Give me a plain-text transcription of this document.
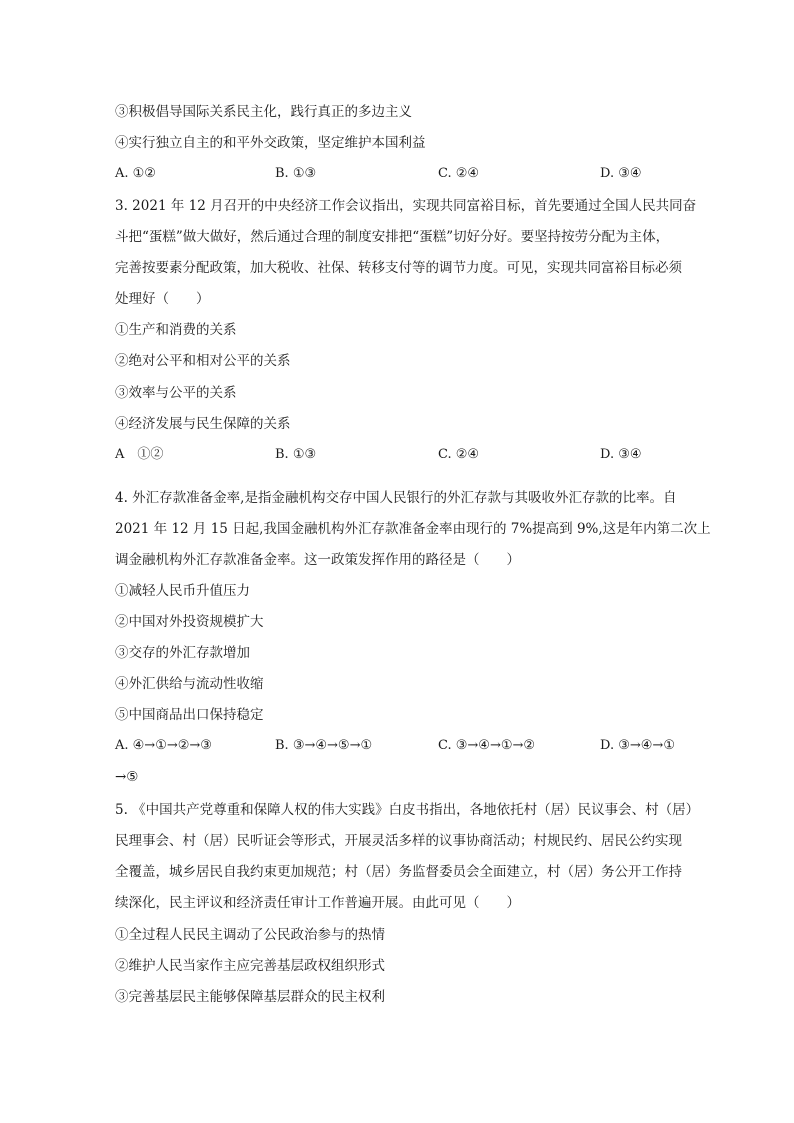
③积极倡导国际关系民主化，践行真正的多边主义
④实行独立自主的和平外交政策，坚定维护本国利益
A. ①②	B. ①③	C. ②④	D. ③④
3. 2021 年 12 月召开的中央经济工作会议指出，实现共同富裕目标，首先要通过全国人民共同奋
斗把“蛋糕”做大做好，然后通过合理的制度安排把“蛋糕”切好分好。要坚持按劳分配为主体，
完善按要素分配政策，加大税收、社保、转移支付等的调节力度。可见，实现共同富裕目标必须
处理好（　　）
①生产和消费的关系
②绝对公平和相对公平的关系
③效率与公平的关系
④经济发展与民生保障的关系
A　①②	B. ①③	C. ②④	D. ③④
4. 外汇存款准备金率,是指金融机构交存中国人民银行的外汇存款与其吸收外汇存款的比率。自
2021 年 12 月 15 日起,我国金融机构外汇存款准备金率由现行的 7%提高到 9%,这是年内第二次上
调金融机构外汇存款准备金率。这一政策发挥作用的路径是（　　）
①减轻人民币升值压力
②中国对外投资规模扩大
③交存的外汇存款增加
④外汇供给与流动性收缩
⑤中国商品出口保持稳定
A. ④→①→②→③	B. ③→④→⑤→①	C. ③→④→①→②	D. ③→④→①
→⑤
5. 《中国共产党尊重和保障人权的伟大实践》白皮书指出，各地依托村（居）民议事会、村（居）
民理事会、村（居）民听证会等形式，开展灵活多样的议事协商活动；村规民约、居民公约实现
全覆盖，城乡居民自我约束更加规范；村（居）务监督委员会全面建立，村（居）务公开工作持
续深化，民主评议和经济责任审计工作普遍开展。由此可见（　　）
①全过程人民民主调动了公民政治参与的热情
②维护人民当家作主应完善基层政权组织形式
③完善基层民主能够保障基层群众的民主权利
